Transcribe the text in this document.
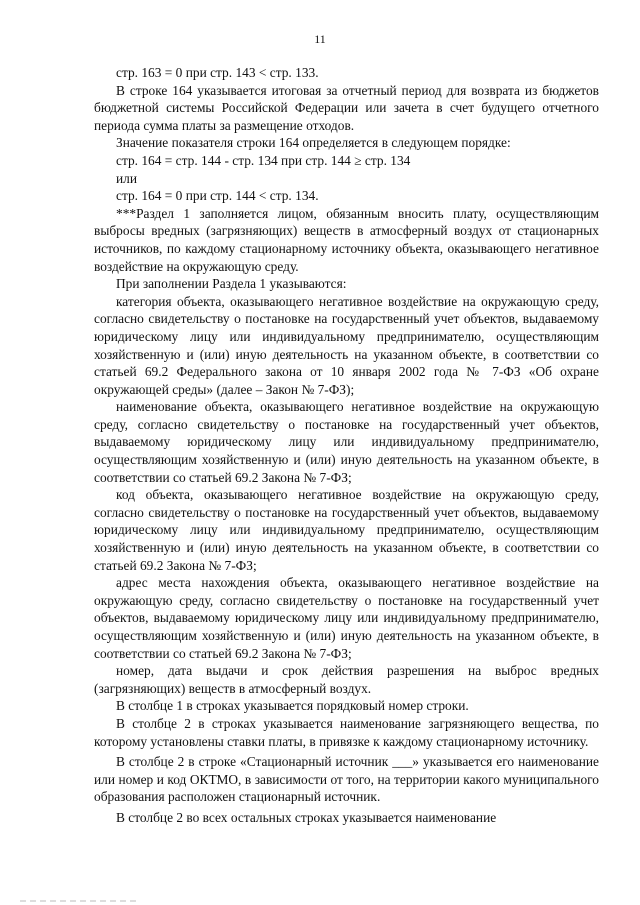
11

стр. 163 = 0 при стр. 143 < стр. 133.

В строке 164 указывается итоговая за отчетный период для возврата из бюджетов бюджетной системы Российской Федерации или зачета в счет будущего отчетного периода сумма платы за размещение отходов.

Значение показателя строки 164 определяется в следующем порядке:

стр. 164 = стр. 144 - стр. 134 при стр. 144 ≥ стр. 134

или

стр. 164 = 0 при стр. 144 < стр. 134.

***Раздел 1 заполняется лицом, обязанным вносить плату, осуществляющим выбросы вредных (загрязняющих) веществ в атмосферный воздух от стационарных источников, по каждому стационарному источнику объекта, оказывающего негативное воздействие на окружающую среду.

При заполнении Раздела 1 указываются:

категория объекта, оказывающего негативное воздействие на окружающую среду, согласно свидетельству о постановке на государственный учет объектов, выдаваемому юридическому лицу или индивидуальному предпринимателю, осуществляющим хозяйственную и (или) иную деятельность на указанном объекте, в соответствии со статьей 69.2 Федерального закона от 10 января 2002 года № 7-ФЗ «Об охране окружающей среды» (далее – Закон № 7-ФЗ);

наименование объекта, оказывающего негативное воздействие на окружающую среду, согласно свидетельству о постановке на государственный учет объектов, выдаваемому юридическому лицу или индивидуальному предпринимателю, осуществляющим хозяйственную и (или) иную деятельность на указанном объекте, в соответствии со статьей 69.2 Закона № 7-ФЗ;

код объекта, оказывающего негативное воздействие на окружающую среду, согласно свидетельству о постановке на государственный учет объектов, выдаваемому юридическому лицу или индивидуальному предпринимателю, осуществляющим хозяйственную и (или) иную деятельность на указанном объекте, в соответствии со статьей 69.2 Закона № 7-ФЗ;

адрес места нахождения объекта, оказывающего негативное воздействие на окружающую среду, согласно свидетельству о постановке на государственный учет объектов, выдаваемому юридическому лицу или индивидуальному предпринимателю, осуществляющим хозяйственную и (или) иную деятельность на указанном объекте, в соответствии со статьей 69.2 Закона № 7-ФЗ;

номер, дата выдачи и срок действия разрешения на выброс вредных (загрязняющих) веществ в атмосферный воздух.

В столбце 1 в строках указывается порядковый номер строки.

В столбце 2 в строках указывается наименование загрязняющего вещества, по которому установлены ставки платы, в привязке к каждому стационарному источнику.

В столбце 2 в строке «Стационарный источник ___» указывается его наименование или номер и код ОКТМО, в зависимости от того, на территории какого муниципального образования расположен стационарный источник.

В столбце 2 во всех остальных строках указывается наименование
